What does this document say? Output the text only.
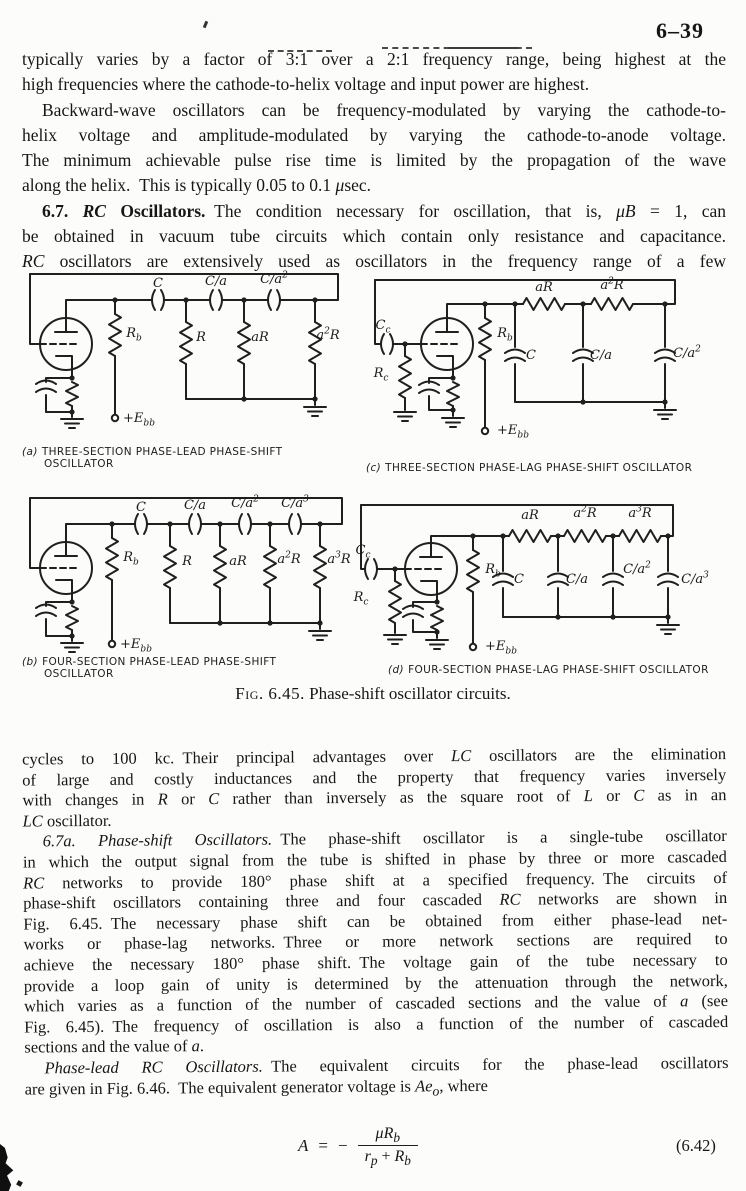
6–39
typically varies by a factor of 3:1 over a 2:1 frequency range, being highest at the
high frequencies where the cathode-to-helix voltage and input power are highest.
Backward-wave oscillators can be frequency-modulated by varying the cathode-to-
helix voltage and amplitude-modulated by varying the cathode-to-anode voltage.
The minimum achievable pulse rise time is limited by the propagation of the wave
along the helix. This is typically 0.05 to 0.1 μsec.
6.7. RC Oscillators. The condition necessary for oscillation, that is, μB = 1, can
be obtained in vacuum tube circuits which contain only resistance and capacitance.
RC oscillators are extensively used as oscillators in the frequency range of a few
C	C/a	$C/a^2$
$R_b$	R	aR	$a^2R$
$+E_{bb}$
$C_c$
$R_c$
$R_b$
aR	$a^2R$
C	C/a	$C/a^2$
$+E_{bb}$
C	C/a $C/a^2$ $C/a^3$
$R_b$	R	aR $a^2R$ $a^3R$
$+E_{bb}$
$C_c$
$R_c$
$R_b$
aR	$a^2R$ $a^3R$
C	C/a
$C/a^2$
$C/a^3$
$+E_{bb}$
(a) THREE-SECTION PHASE-LEAD PHASE-SHIFT
OSCILLATOR	(c) THREE-SECTION PHASE-LAG PHASE-SHIFT OSCILLATOR
(b) FOUR-SECTION PHASE-LEAD PHASE-SHIFT
OSCILLATOR	(d) FOUR-SECTION PHASE-LAG PHASE-SHIFT OSCILLATOR
Fig. 6.45. Phase-shift oscillator circuits.
cycles to 100 kc. Their principal advantages over LC oscillators are the elimination
of large and costly inductances and the property that frequency varies inversely
with changes in R or C rather than inversely as the square root of L or C as in an
LC oscillator.
6.7a. Phase-shift Oscillators. The phase-shift oscillator is a single-tube oscillator
in which the output signal from the tube is shifted in phase by three or more cascaded
RC networks to provide 180° phase shift at a specified frequency. The circuits of
phase-shift oscillators containing three and four cascaded RC networks are shown in
Fig. 6.45. The necessary phase shift can be obtained from either phase-lead net-
works or phase-lag networks. Three or more network sections are required to
achieve the necessary 180° phase shift. The voltage gain of the tube necessary to
provide a loop gain of unity is determined by the attenuation through the network,
which varies as a function of the number of cascaded sections and the value of a (see
Fig. 6.45). The frequency of oscillation is also a function of the number of cascaded
sections and the value of a.
Phase-lead RC Oscillators. The equivalent circuits for the phase-lead oscillators
are given in Fig. 6.46. The equivalent generator voltage is $Ae_o$, where
A = − $\frac{\mu R_b}{r_p + R_b}$	(6.42)
